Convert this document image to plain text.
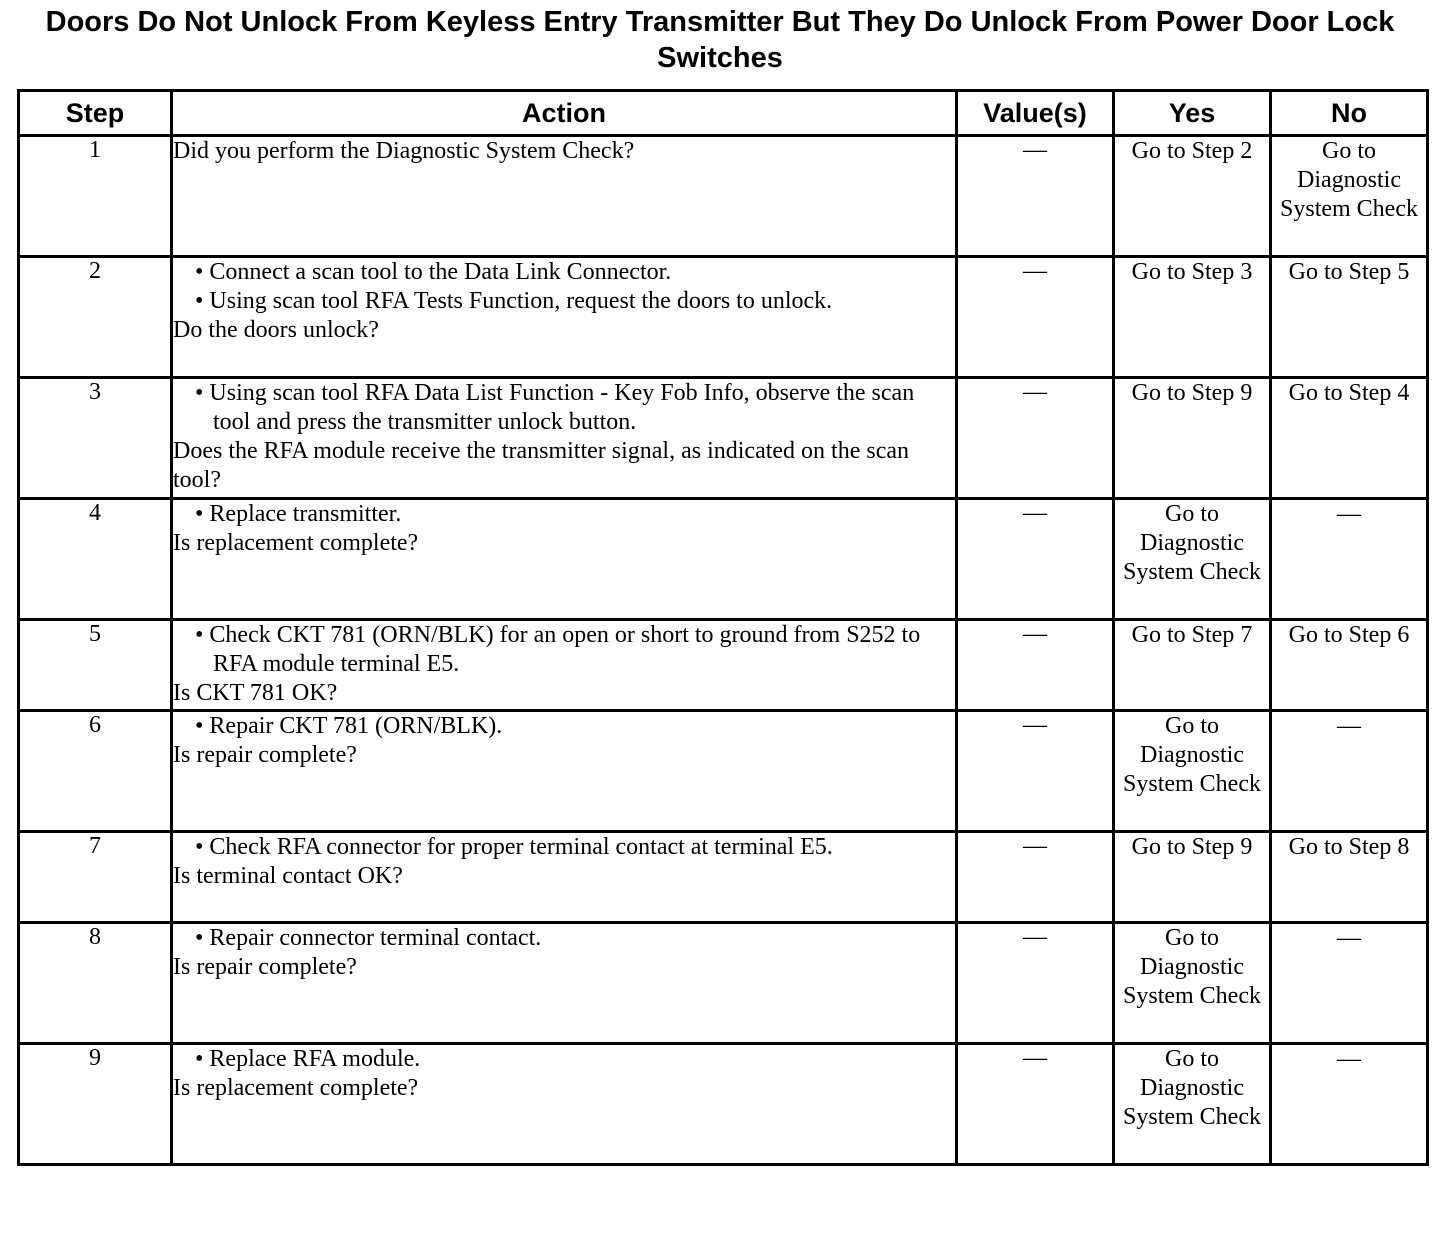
Doors Do Not Unlock From Keyless Entry Transmitter But They Do Unlock From Power Door Lock Switches
Step	Action	Value(s)	Yes	No
1	Did you perform the Diagnostic System Check?	—	Go to Step 2	Go to Diagnostic System Check
2	• Connect a scan tool to the Data Link Connector.
• Using scan tool RFA Tests Function, request the doors to unlock.
Do the doors unlock?	—	Go to Step 3	Go to Step 5
3	• Using scan tool RFA Data List Function - Key Fob Info, observe the scan tool and press the transmitter unlock button.
Does the RFA module receive the transmitter signal, as indicated on the scan tool?	—	Go to Step 9	Go to Step 4
4	• Replace transmitter.
Is replacement complete?	—	Go to Diagnostic System Check	—
5	• Check CKT 781 (ORN/BLK) for an open or short to ground from S252 to RFA module terminal E5.
Is CKT 781 OK?	—	Go to Step 7	Go to Step 6
6	• Repair CKT 781 (ORN/BLK).
Is repair complete?	—	Go to Diagnostic System Check	—
7	• Check RFA connector for proper terminal contact at terminal E5.
Is terminal contact OK?	—	Go to Step 9	Go to Step 8
8	• Repair connector terminal contact.
Is repair complete?	—	Go to Diagnostic System Check	—
9	• Replace RFA module.
Is replacement complete?	—	Go to Diagnostic System Check	—
